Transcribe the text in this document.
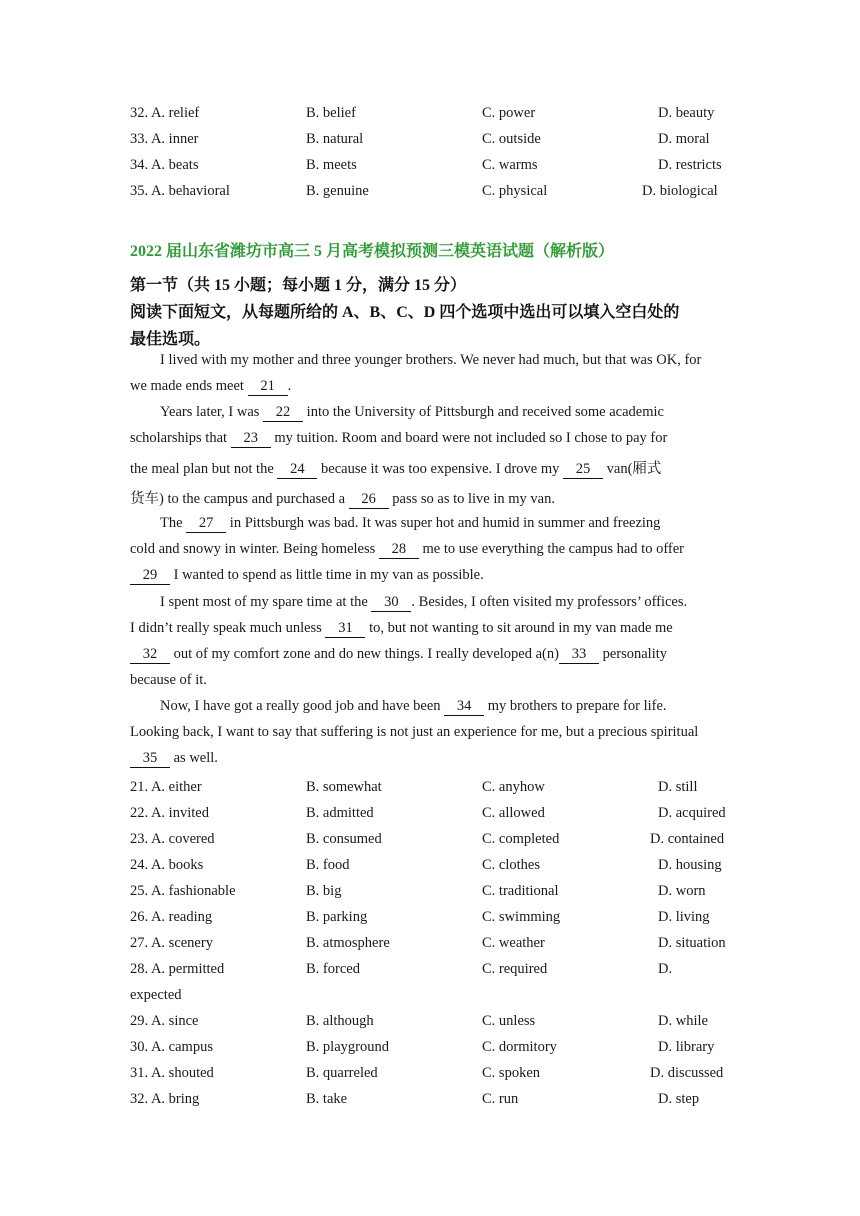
32. A. relief	B. belief	C. power	D. beauty
33. A. inner	B. natural	C. outside	D. moral
34. A. beats	B. meets	C. warms	D. restricts
35. A. behavioral	B. genuine	C. physical	D. biological
2022 届山东省潍坊市高三 5 月高考模拟预测三模英语试题（解析版）
第一节（共 15 小题；每小题 1 分，满分 15 分）
阅读下面短文，从每题所给的 A、B、C、D 四个选项中选出可以填入空白处的
最佳选项。
I lived with my mother and three younger brothers. We never had much, but that was OK, for
we made ends meet 21 .
Years later, I was 22 into the University of Pittsburgh and received some academic
scholarships that 23 my tuition. Room and board were not included so I chose to pay for
the meal plan but not the 24 because it was too expensive. I drove my 25 van(厢式
货车) to the campus and purchased a 26 pass so as to live in my van.
The 27 in Pittsburgh was bad. It was super hot and humid in summer and freezing
cold and snowy in winter. Being homeless 28 me to use everything the campus had to offer
29 I wanted to spend as little time in my van as possible.
I spent most of my spare time at the 30 . Besides, I often visited my professors’ offices.
I didn’t really speak much unless 31 to, but not wanting to sit around in my van made me
32 out of my comfort zone and do new things. I really developed a(n) 33 personality
because of it.
Now, I have got a really good job and have been 34 my brothers to prepare for life.
Looking back, I want to say that suffering is not just an experience for me, but a precious spiritual
35 as well.
21. A. either	B. somewhat	C. anyhow	D. still
22. A. invited	B. admitted	C. allowed	D. acquired
23. A. covered	B. consumed	C. completed	D. contained
24. A. books	B. food	C. clothes	D. housing
25. A. fashionable	B. big	C. traditional	D. worn
26. A. reading	B. parking	C. swimming	D. living
27. A. scenery	B. atmosphere	C. weather	D. situation
28. A. permitted	B. forced	C. required	D.
expected
29. A. since	B. although	C. unless	D. while
30. A. campus	B. playground	C. dormitory	D. library
31. A. shouted	B. quarreled	C. spoken	D. discussed
32. A. bring	B. take	C. run	D. step
